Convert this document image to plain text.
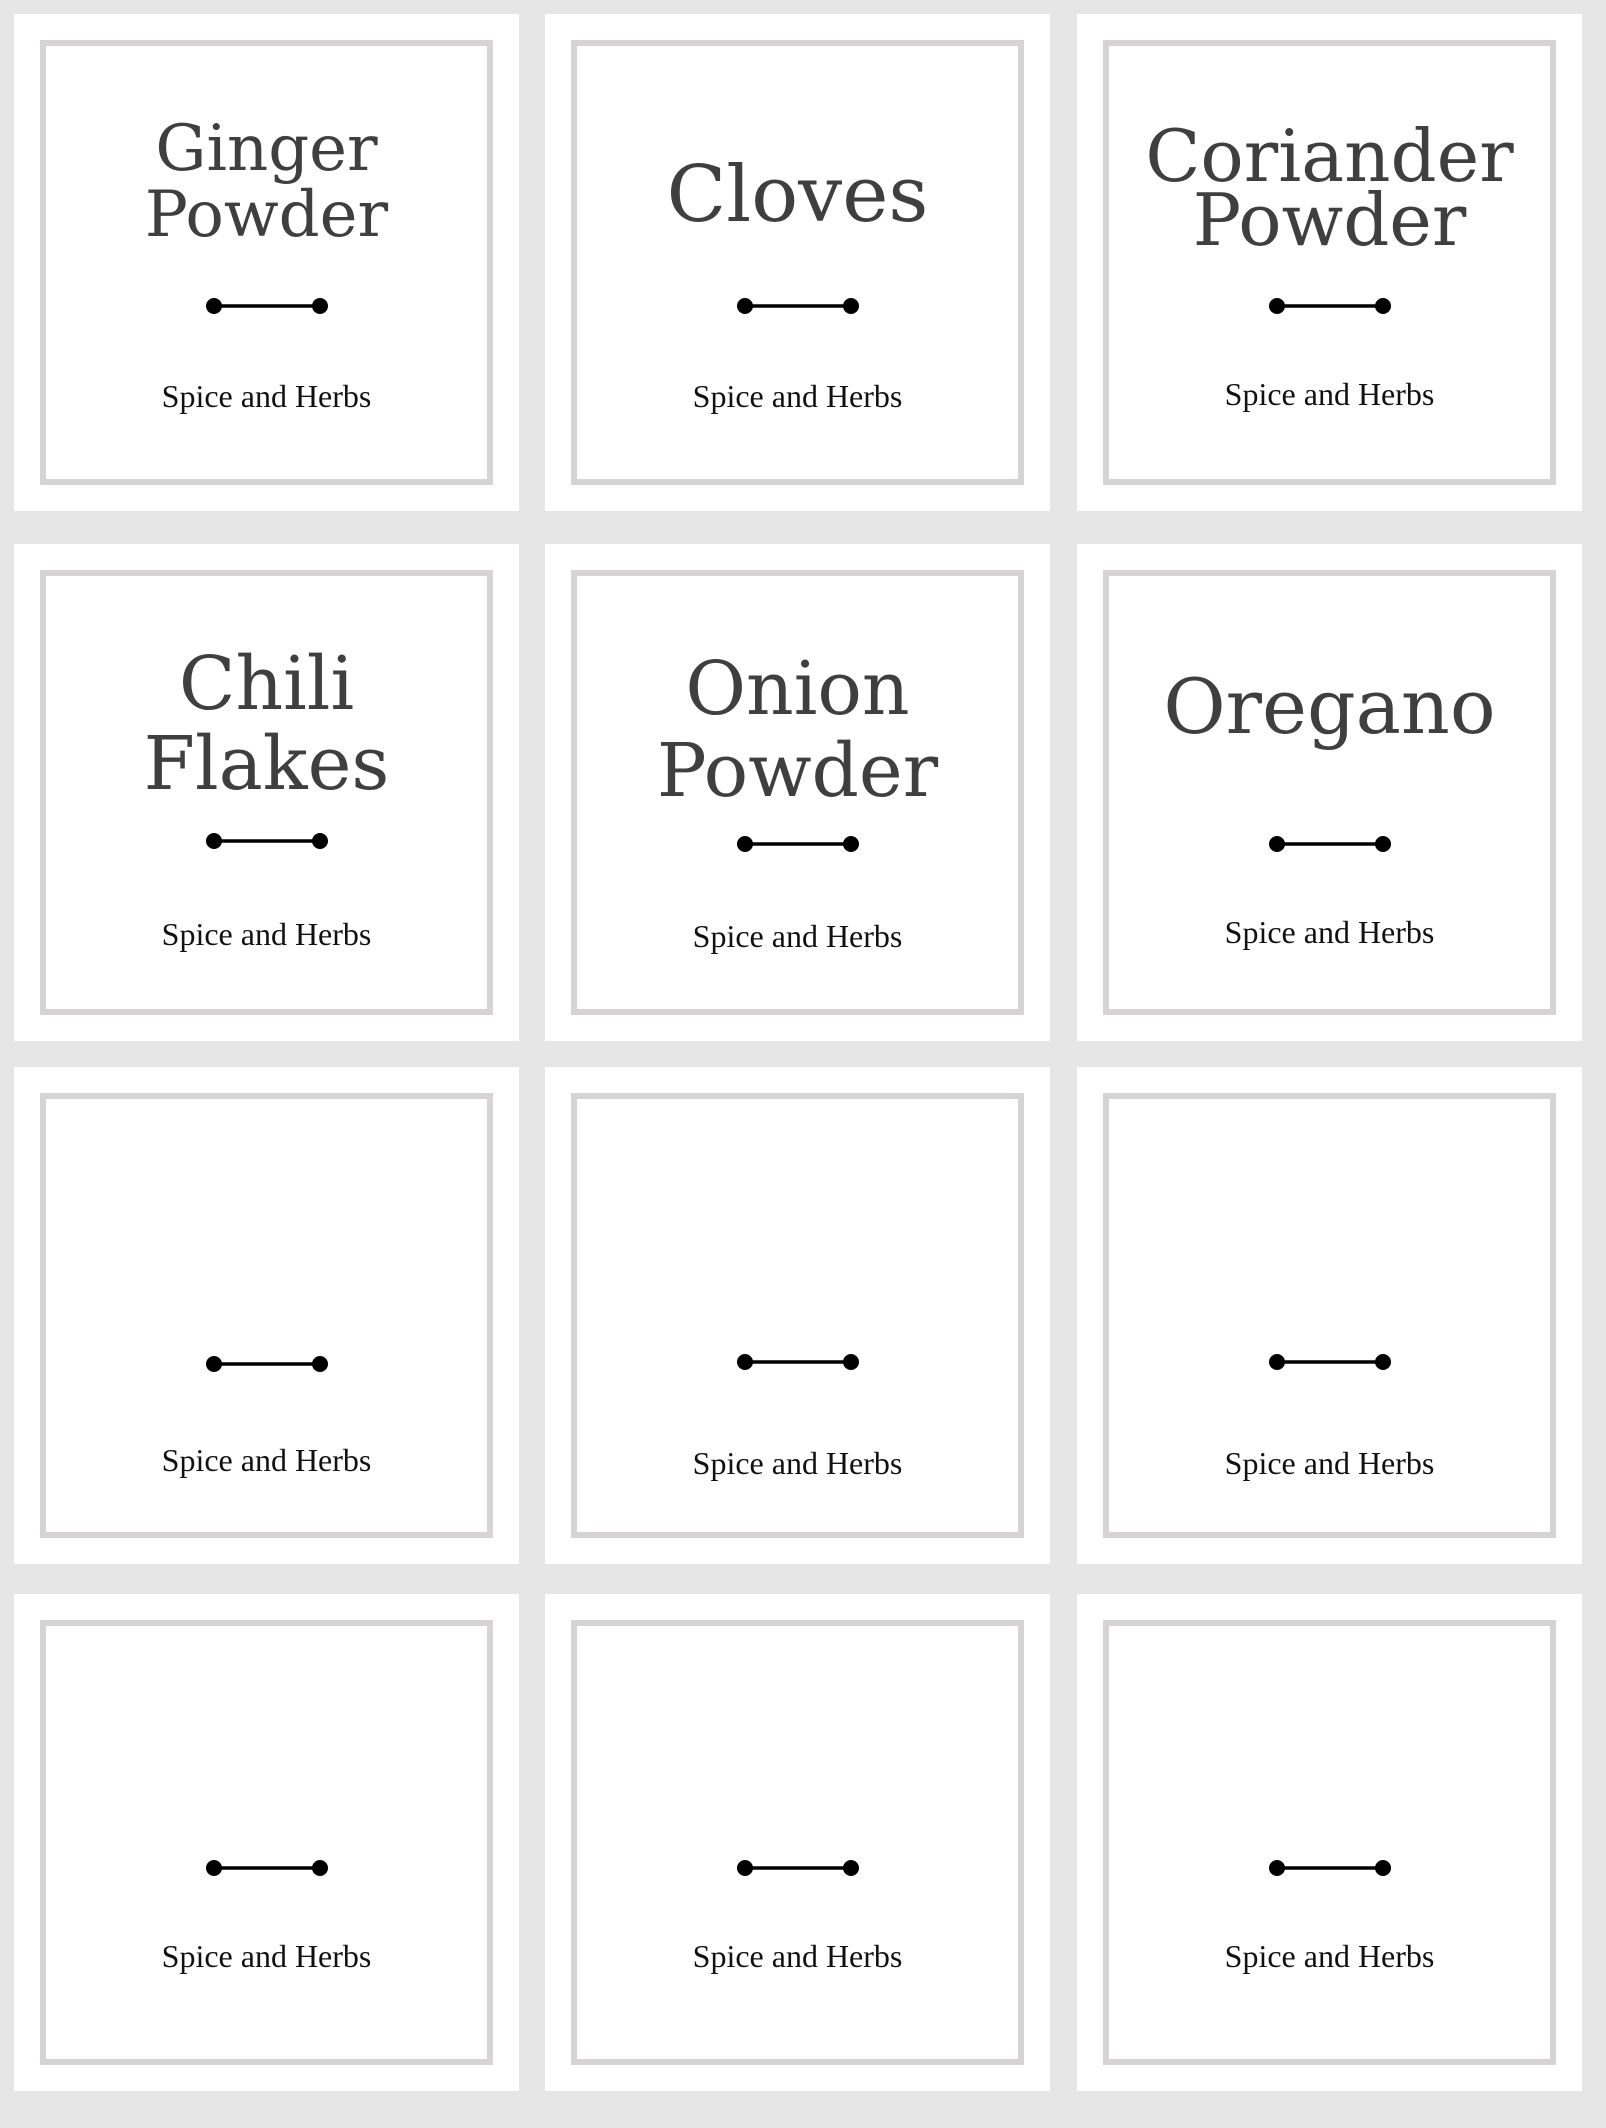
Ginger
Powder
Spice and Herbs
Cloves
Spice and Herbs
Coriander
Powder
Spice and Herbs
Chili
Flakes
Spice and Herbs
Onion
Powder
Spice and Herbs
Oregano
Spice and Herbs
Spice and Herbs	Spice and Herbs	Spice and Herbs
Spice and Herbs	Spice and Herbs	Spice and Herbs
